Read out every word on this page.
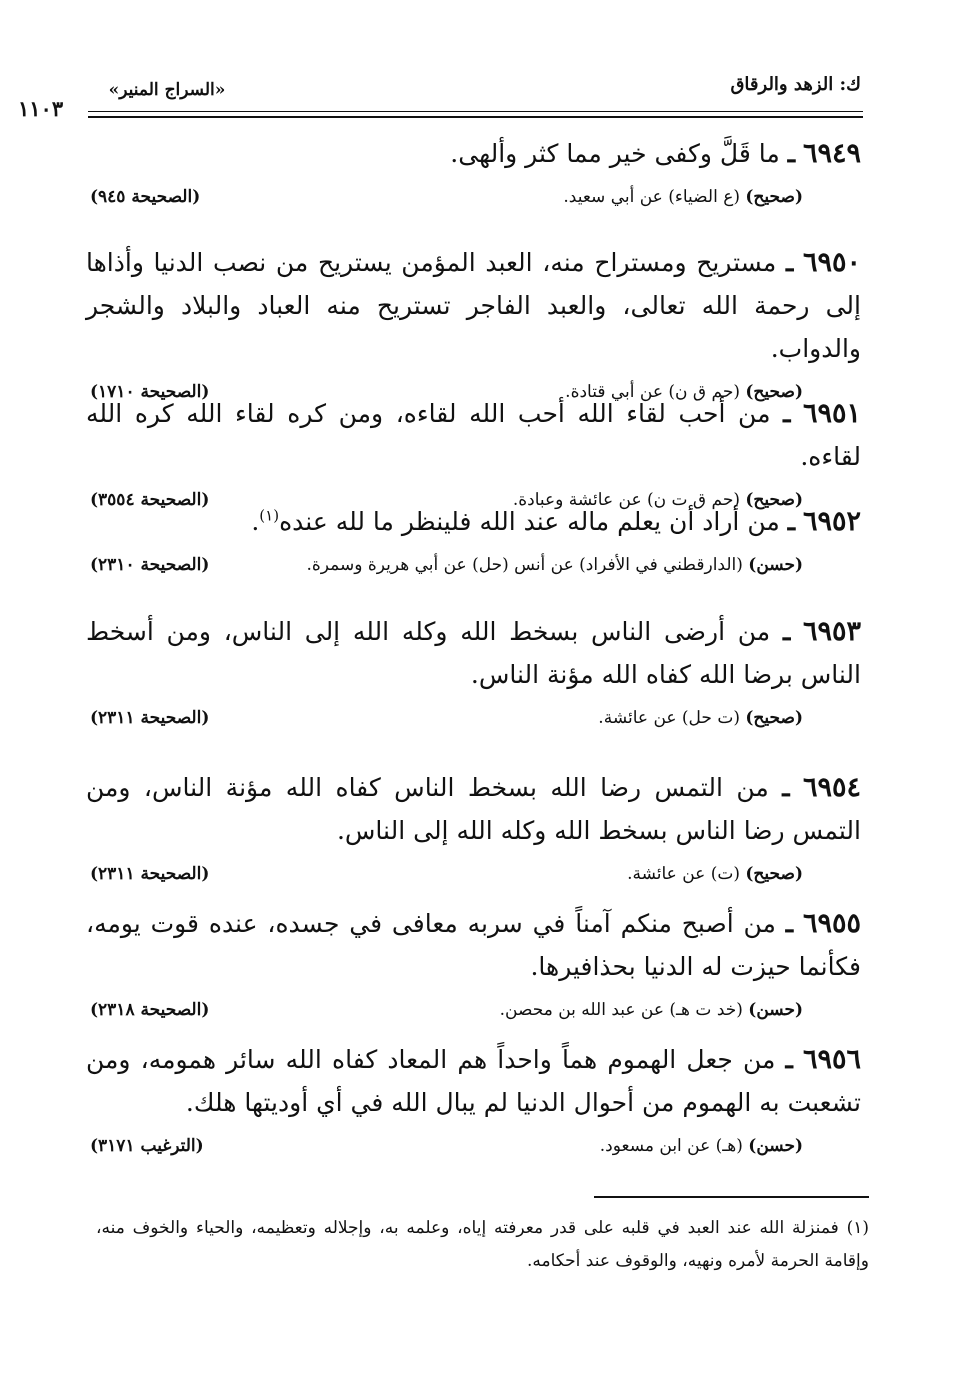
ك: الزهد والرقاق
«السراج المنير»
١١٠٣
٦٩٤٩ ـ ما قَلَّ وكفى خير مما كثر وألهى.
(صحيح) (ع الضياء) عن أبي سعيد.
(الصحيحة ٩٤٥)
٦٩٥٠ ـ مستريح ومستراح منه، العبد المؤمن يستريح من نصب الدنيا وأذاها إلى رحمة الله تعالى، والعبد الفاجر تستريح منه العباد والبلاد والشجر والدواب.
(صحيح) (حم ق ن) عن أبي قتادة.
(الصحيحة ١٧١٠)
٦٩٥١ ـ من أحب لقاء الله أحب الله لقاءه، ومن كره لقاء الله كره الله لقاءه.
(صحيح) (حم ق ت ن) عن عائشة وعبادة.
(الصحيحة ٣٥٥٤)
٦٩٥٢ ـ من أراد أن يعلم ماله عند الله فلينظر ما لله عنده$^{(١)}$.
(حسن) (الدارقطني في الأفراد) عن أنس (حل) عن أبي هريرة وسمرة.
(الصحيحة ٢٣١٠)
٦٩٥٣ ـ من أرضى الناس بسخط الله وكله الله إلى الناس، ومن أسخط الناس برضا الله كفاه الله مؤنة الناس.
(صحيح) (ت حل) عن عائشة.
(الصحيحة ٢٣١١)
٦٩٥٤ ـ من التمس رضا الله بسخط الناس كفاه الله مؤنة الناس، ومن التمس رضا الناس بسخط الله وكله الله إلى الناس.
(صحيح) (ت) عن عائشة.
(الصحيحة ٢٣١١)
٦٩٥٥ ـ من أصبح منكم آمناً في سربه معافى في جسده، عنده قوت يومه، فكأنما حيزت له الدنيا بحذافيرها.
(حسن) (خد ت هـ) عن عبد الله بن محصن.
(الصحيحة ٢٣١٨)
٦٩٥٦ ـ من جعل الهموم هماً واحداً هم المعاد كفاه الله سائر همومه، ومن تشعبت به الهموم من أحوال الدنيا لم يبال الله في أي أوديتها هلك.
(حسن) (هـ) عن ابن مسعود.
(الترغيب ٣١٧١)
(١) فمنزلة الله عند العبد في قلبه على قدر معرفته إياه، وعلمه به، وإجلاله وتعظيمه، والحياء والخوف منه، وإقامة الحرمة لأمره ونهيه، والوقوف عند أحكامه.
